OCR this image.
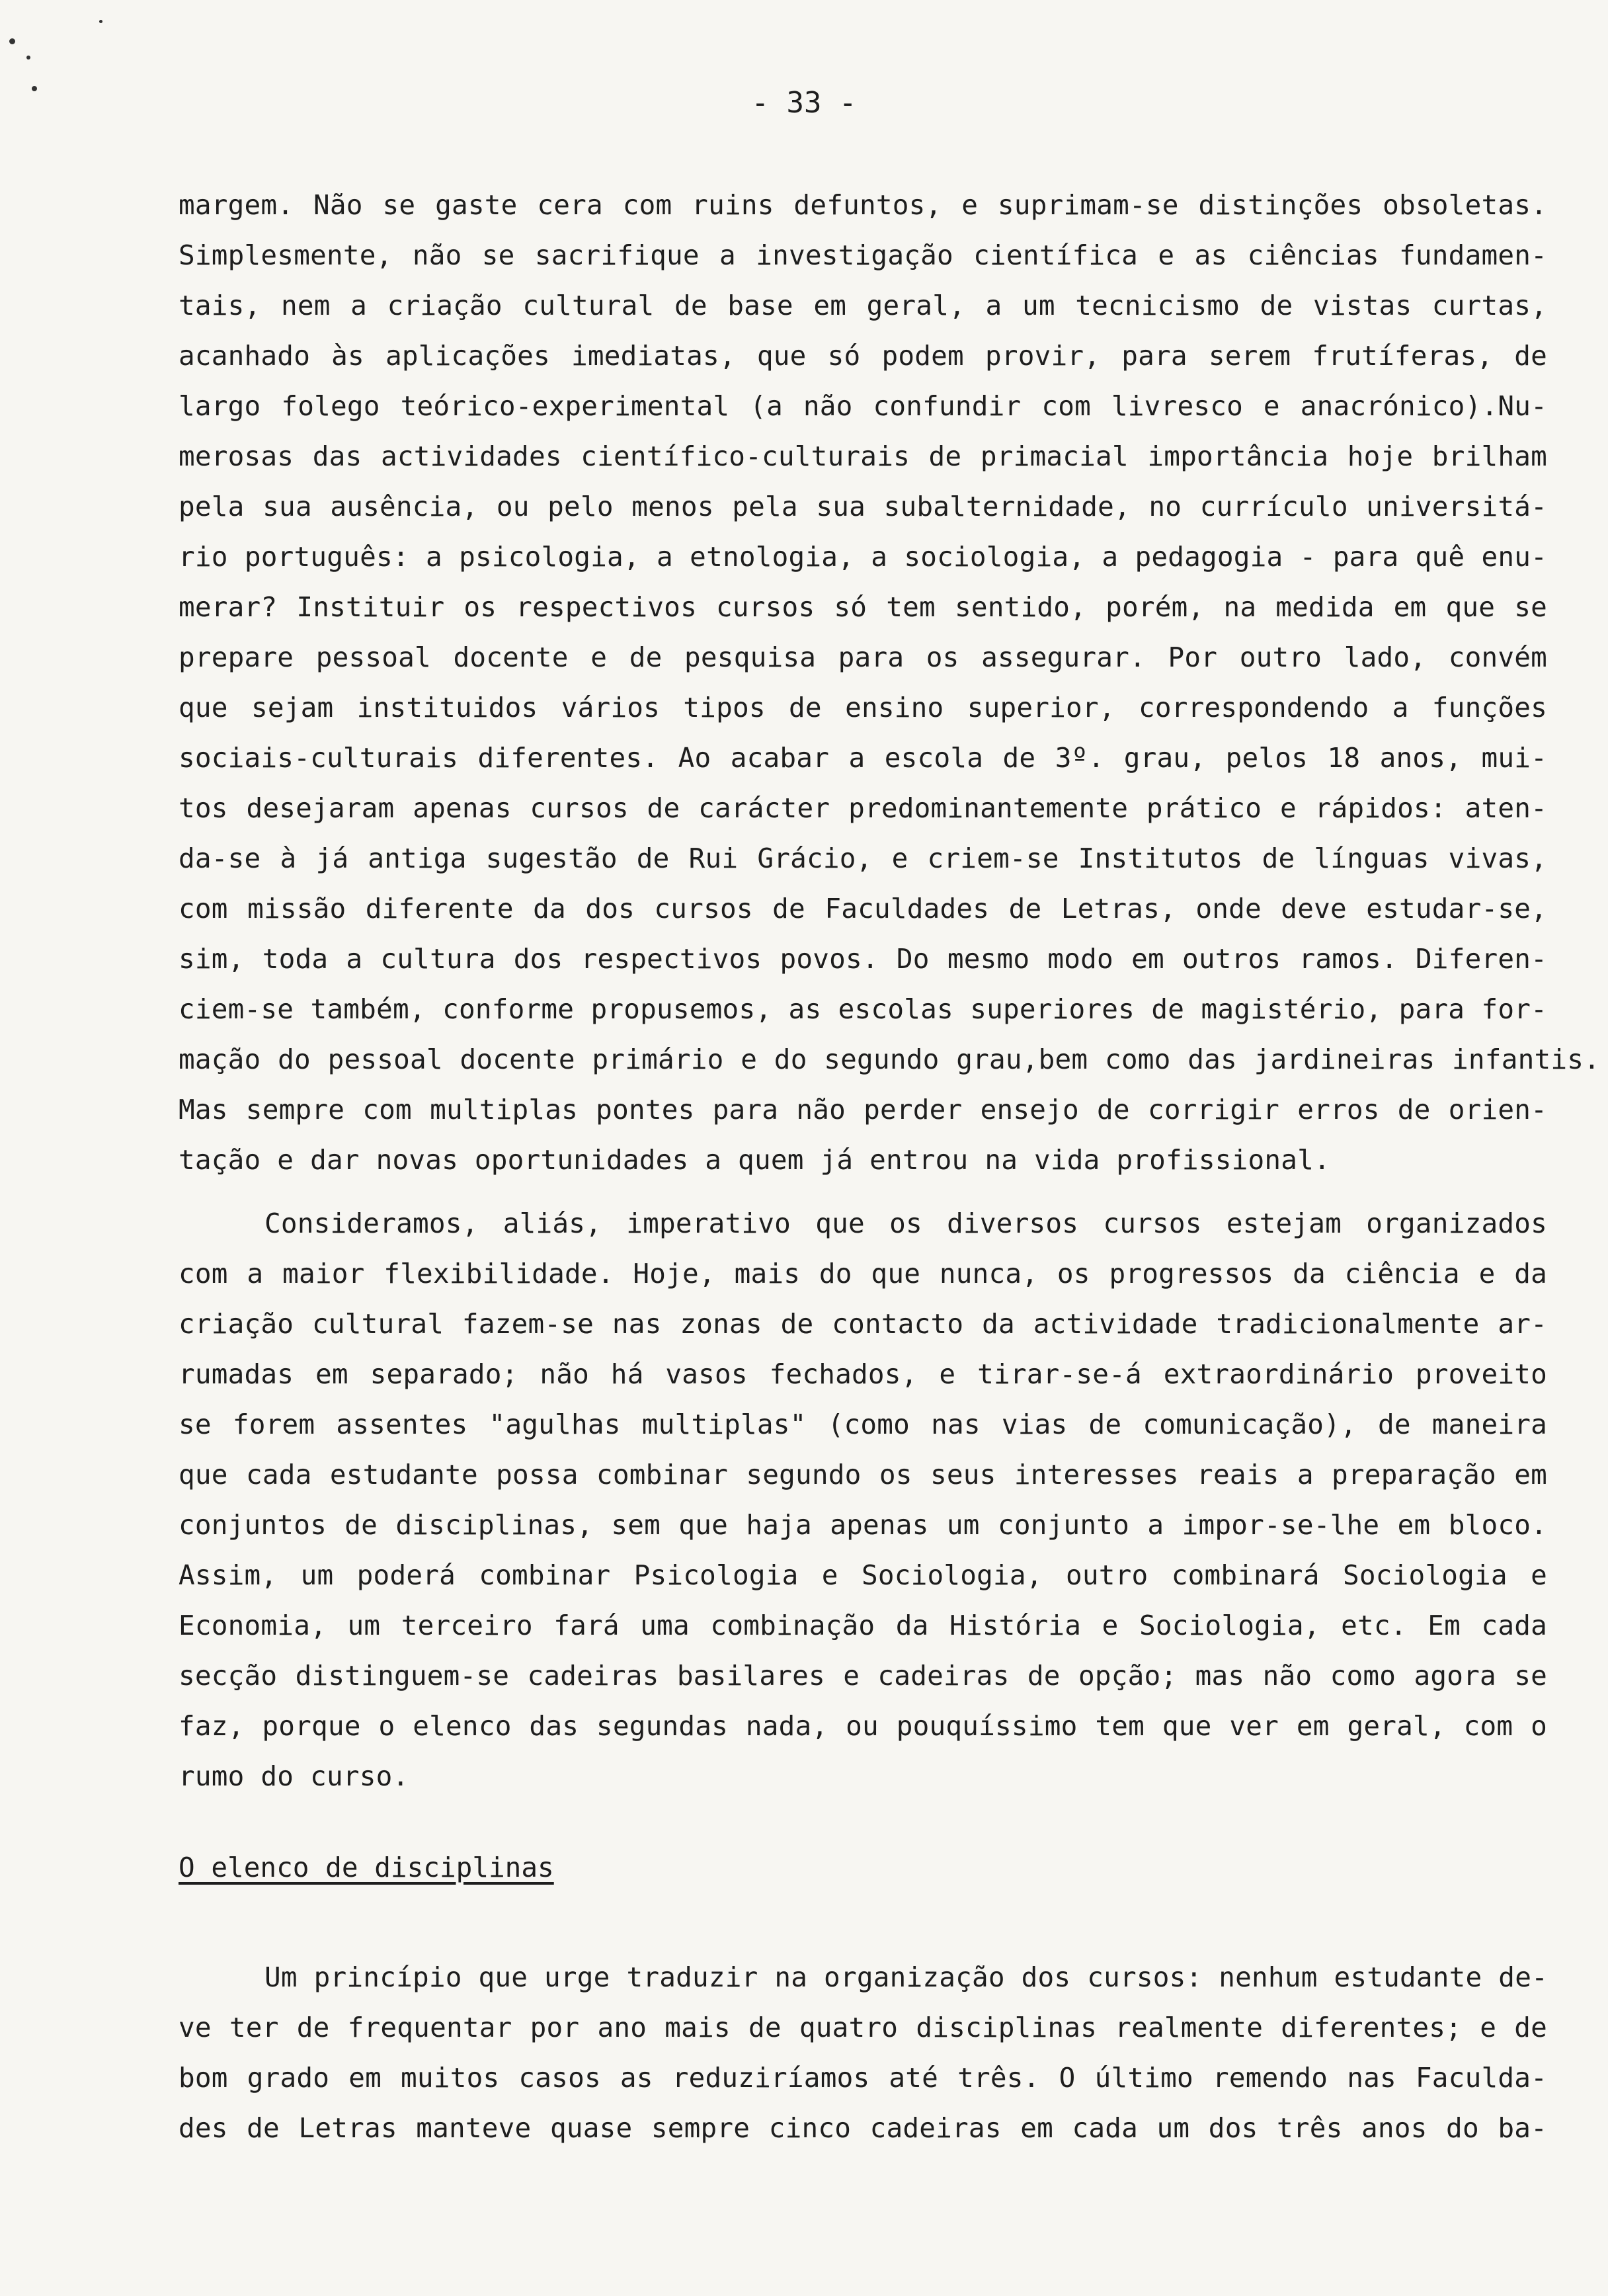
- 33 -
margem. Não se gaste cera com ruins defuntos, e suprimam-se distinções obsoletas.
Simplesmente, não se sacrifique a investigação científica e as ciências fundamen-
tais, nem a criação cultural de base em geral, a um tecnicismo de vistas curtas,
acanhado às aplicações imediatas, que só podem provir, para serem frutíferas, de
largo folego teórico-experimental (a não confundir com livresco e anacrónico).Nu-
merosas das actividades científico-culturais de primacial importância hoje brilham
pela sua ausência, ou pelo menos pela sua subalternidade, no currículo universitá-
rio português: a psicologia, a etnologia, a sociologia, a pedagogia - para quê enu-
merar? Instituir os respectivos cursos só tem sentido, porém, na medida em que se
prepare pessoal docente e de pesquisa para os assegurar. Por outro lado, convém
que sejam instituidos vários tipos de ensino superior, correspondendo a funções
sociais-culturais diferentes. Ao acabar a escola de 3º. grau, pelos 18 anos, mui-
tos desejaram apenas cursos de carácter predominantemente prático e rápidos: aten-
da-se à já antiga sugestão de Rui Grácio, e criem-se Institutos de línguas vivas,
com missão diferente da dos cursos de Faculdades de Letras, onde deve estudar-se,
sim, toda a cultura dos respectivos povos. Do mesmo modo em outros ramos. Diferen-
ciem-se também, conforme propusemos, as escolas superiores de magistério, para for-
mação do pessoal docente primário e do segundo grau,bem como das jardineiras infantis.
Mas sempre com multiplas pontes para não perder ensejo de corrigir erros de orien-
tação e dar novas oportunidades a quem já entrou na vida profissional.
Consideramos, aliás, imperativo que os diversos cursos estejam organizados
com a maior flexibilidade. Hoje, mais do que nunca, os progressos da ciência e da
criação cultural fazem-se nas zonas de contacto da actividade tradicionalmente ar-
rumadas em separado; não há vasos fechados, e tirar-se-á extraordinário proveito
se forem assentes "agulhas multiplas" (como nas vias de comunicação), de maneira
que cada estudante possa combinar segundo os seus interesses reais a preparação em
conjuntos de disciplinas, sem que haja apenas um conjunto a impor-se-lhe em bloco.
Assim, um poderá combinar Psicologia e Sociologia, outro combinará Sociologia e
Economia, um terceiro fará uma combinação da História e Sociologia, etc. Em cada
secção distinguem-se cadeiras basilares e cadeiras de opção; mas não como agora se
faz, porque o elenco das segundas nada, ou pouquíssimo tem que ver em geral, com o
rumo do curso.
O elenco de disciplinas
Um princípio que urge traduzir na organização dos cursos: nenhum estudante de-
ve ter de frequentar por ano mais de quatro disciplinas realmente diferentes; e de
bom grado em muitos casos as reduziríamos até três. O último remendo nas Faculda-
des de Letras manteve quase sempre cinco cadeiras em cada um dos três anos do ba-
